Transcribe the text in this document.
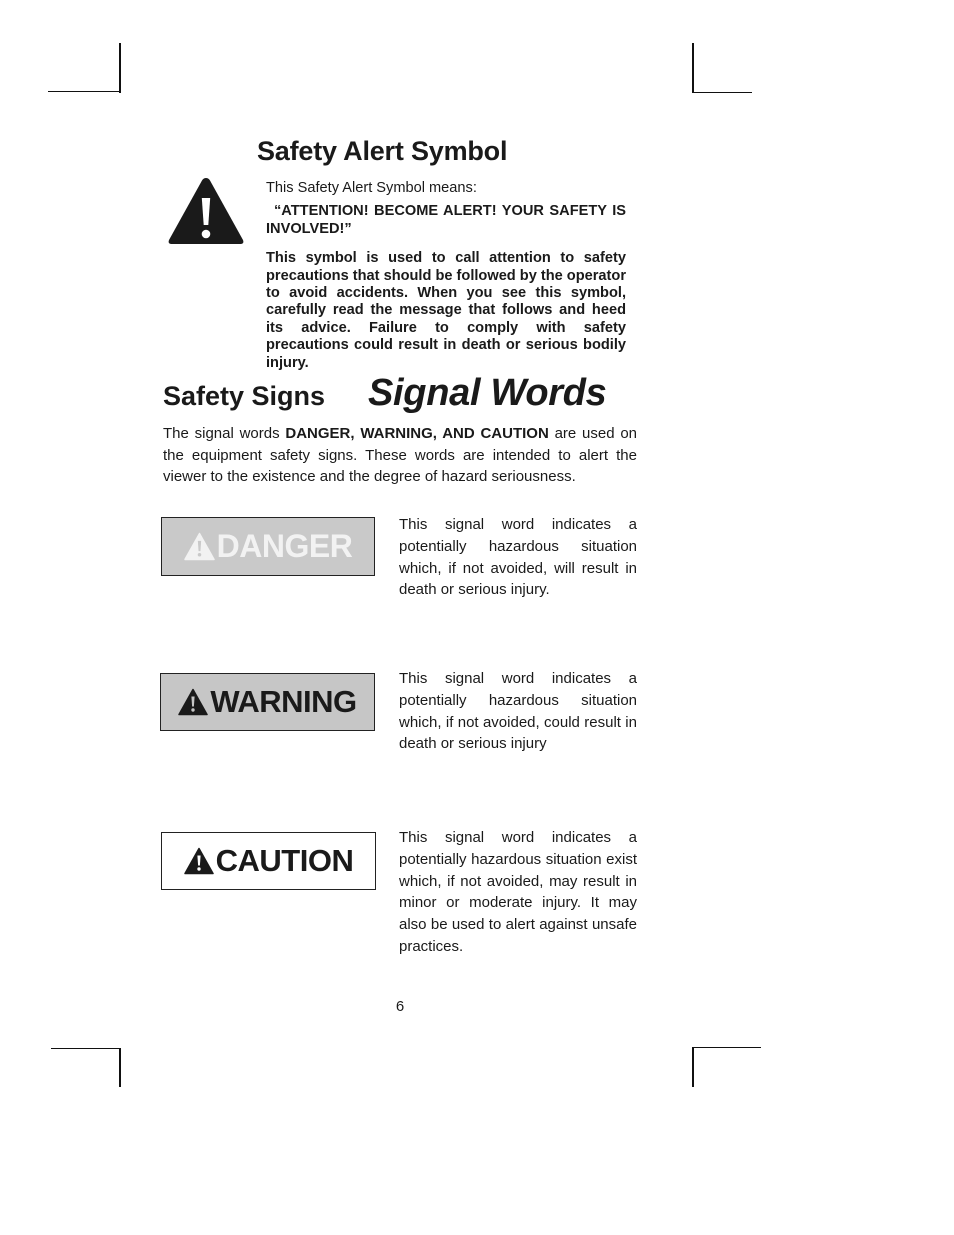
Safety Alert Symbol

This Safety Alert Symbol means:

“ATTENTION! BECOME ALERT! YOUR SAFETY IS INVOLVED!”

This symbol is used to call attention to safety precautions that should be followed by the operator to avoid accidents. When you see this symbol, carefully read the message that follows and heed its advice. Failure to comply with safety precautions could result in death or serious bodily injury.

Safety Signs Signal Words

The signal words DANGER, WARNING, AND CAUTION are used on the equipment safety signs. These words are intended to alert the viewer to the existence and the degree of hazard seriousness.

DANGER

This signal word indicates a potentially hazardous situation which, if not avoided, will result in death or serious injury.

WARNING

This signal word indicates a potentially hazardous situation which, if not avoided, could result in death or serious injury

CAUTION

This signal word indicates a potentially hazardous situation exist which, if not avoided, may result in minor or moderate injury. It may also be used to alert against unsafe practices.

6
